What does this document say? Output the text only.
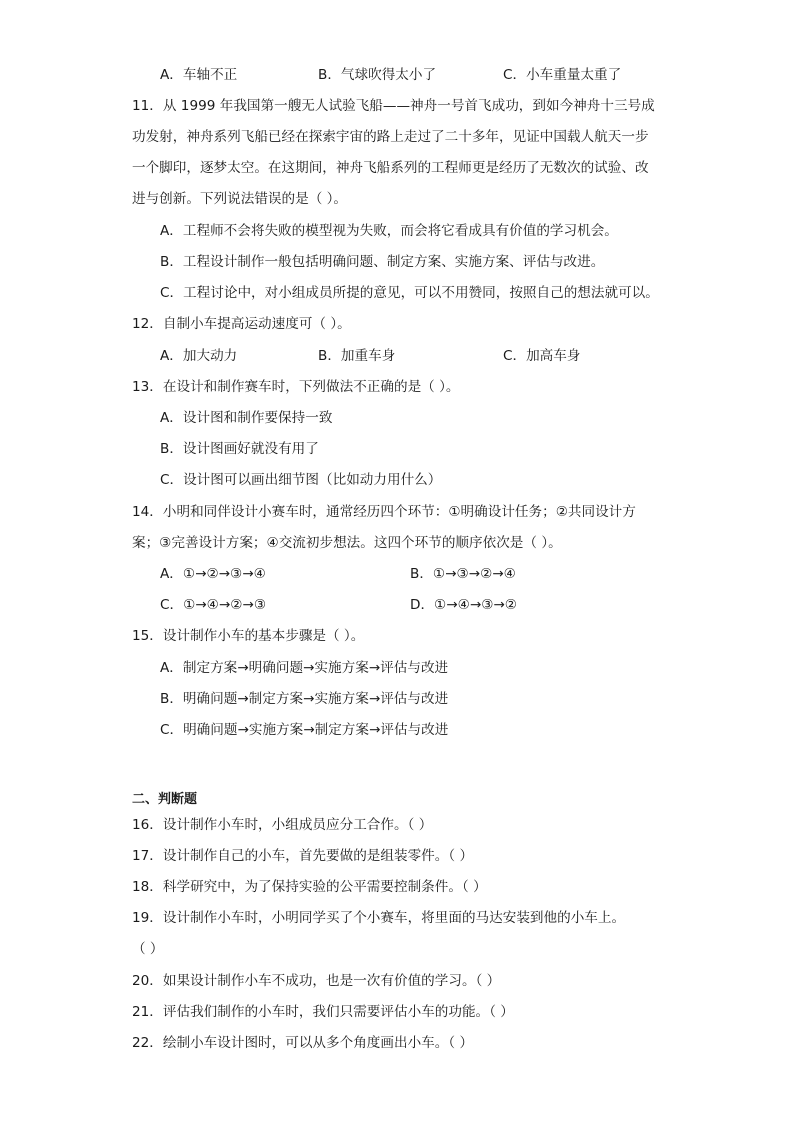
A．车轴不正	B．气球吹得太小了	C．小车重量太重了
11．从 1999 年我国第一艘无人试验飞船——神舟一号首飞成功，到如今神舟十三号成
功发射，神舟系列飞船已经在探索宇宙的路上走过了二十多年，见证中国载人航天一步
一个脚印，逐梦太空。在这期间，神舟飞船系列的工程师更是经历了无数次的试验、改
进与创新。下列说法错误的是（ ）。
A．工程师不会将失败的模型视为失败，而会将它看成具有价值的学习机会。
B．工程设计制作一般包括明确问题、制定方案、实施方案、评估与改进。
C．工程讨论中，对小组成员所提的意见，可以不用赞同，按照自己的想法就可以。
12．自制小车提高运动速度可（ ）。
A．加大动力	B．加重车身	C．加高车身
13．在设计和制作赛车时，下列做法不正确的是（ ）。
A．设计图和制作要保持一致
B．设计图画好就没有用了
C．设计图可以画出细节图（比如动力用什么）
14．小明和同伴设计小赛车时，通常经历四个环节：①明确设计任务；②共同设计方
案；③完善设计方案；④交流初步想法。这四个环节的顺序依次是（ ）。
A．①→②→③→④	B．①→③→②→④
C．①→④→②→③	D．①→④→③→②
15．设计制作小车的基本步骤是（ ）。
A．制定方案→明确问题→实施方案→评估与改进
B．明确问题→制定方案→实施方案→评估与改进
C．明确问题→实施方案→制定方案→评估与改进
二、判断题
16．设计制作小车时，小组成员应分工合作。（ ）
17．设计制作自己的小车，首先要做的是组装零件。（ ）
18．科学研究中，为了保持实验的公平需要控制条件。（ ）
19．设计制作小车时，小明同学买了个小赛车，将里面的马达安装到他的小车上。
（ ）
20．如果设计制作小车不成功，也是一次有价值的学习。（ ）
21．评估我们制作的小车时，我们只需要评估小车的功能。（ ）
22．绘制小车设计图时，可以从多个角度画出小车。（ ）
